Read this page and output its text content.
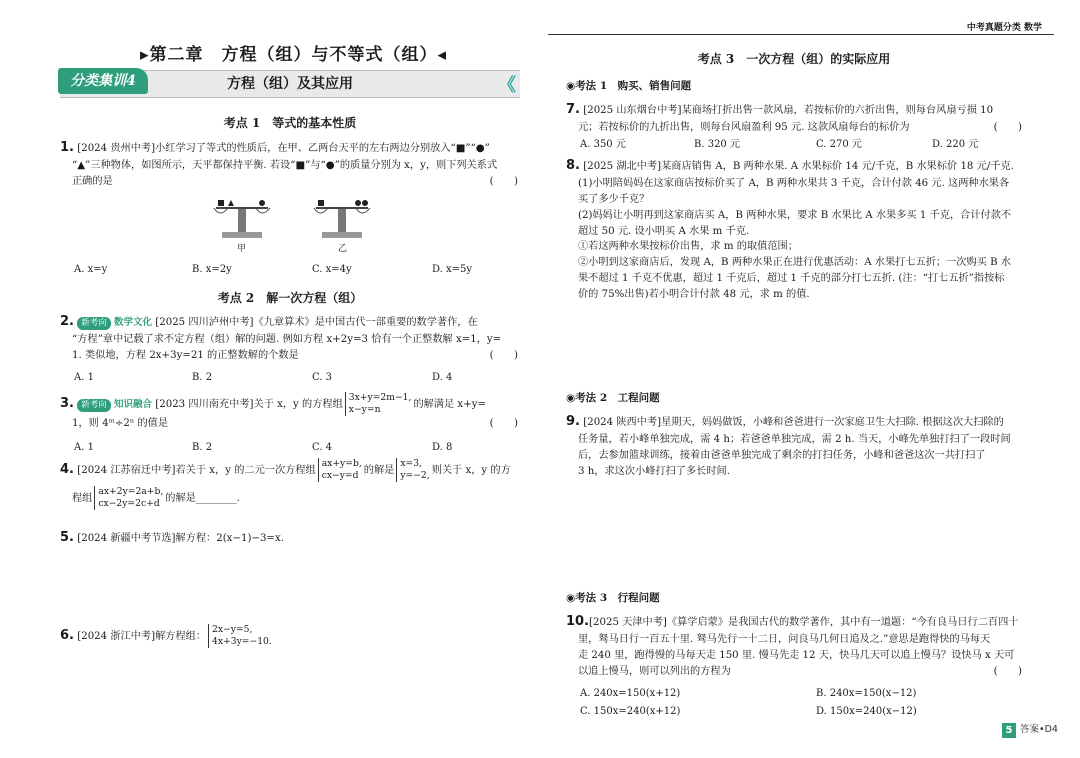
中考真题分类 数学
▸第二章　方程（组）与不等式（组）◂
分类集训4	方程（组）及其应用	《
考点 1　等式的基本性质
1. [2024 贵州中考]小红学习了等式的性质后，在甲、乙两台天平的左右两边分别放入“■”“●”
“▲”三种物体，如图所示，天平都保持平衡. 若设“■”与“●”的质量分别为 x，y，则下列关系式
正确的是	(　　)
甲	乙
A. x=y	B. x=2y	C. x=4y	D. x=5y
考点 2　解一次方程（组）
2. 新考向 数学文化 [2025 四川泸州中考]《九章算术》是中国古代一部重要的数学著作，在
“方程”章中记载了求不定方程（组）解的问题. 例如方程 x+2y=3 恰有一个正整数解 x=1，y=
1. 类似地，方程 2x+3y=21 的正整数解的个数是	(　　)
A. 1	B. 2	C. 3	D. 4
3. 新考向 知识融合 [2023 四川南充中考]关于 x，y 的方程组
3x+y=2m−1,
x−y=n	的解满足 x+y=
1，则 4ᵐ÷2ⁿ 的值是	(　　)
A. 1	B. 2	C. 4	D. 8
4. [2024 江苏宿迁中考]若关于 x，y 的二元一次方程组
ax+y=b,
cx−y=d 的解是
x=3,
y=−2, 则关于 x，y 的方
程组
ax+2y=2a+b,
cx−2y=2c+d 的解是________.
5. [2024 新疆中考节选]解方程：2(x−1)−3=x.
6. [2024 浙江中考]解方程组：
2x−y=5,
4x+3y=−10.
考点 3　一次方程（组）的实际应用
◉考法 1　购买、销售问题
7. [2025 山东烟台中考]某商场打折出售一款风扇，若按标价的六折出售，则每台风扇亏损 10
元；若按标价的九折出售，则每台风扇盈利 95 元. 这款风扇每台的标价为	(　　)
A. 350 元	B. 320 元	C. 270 元	D. 220 元
8. [2025 湖北中考]某商店销售 A，B 两种水果. A 水果标价 14 元/千克，B 水果标价 18 元/千克.
(1)小明陪妈妈在这家商店按标价买了 A，B 两种水果共 3 千克，合计付款 46 元. 这两种水果各
买了多少千克？
(2)妈妈让小明再到这家商店买 A，B 两种水果，要求 B 水果比 A 水果多买 1 千克，合计付款不
超过 50 元. 设小明买 A 水果 m 千克.
①若这两种水果按标价出售，求 m 的取值范围；
②小明到这家商店后，发现 A，B 两种水果正在进行优惠活动：A 水果打七五折；一次购买 B 水
果不超过 1 千克不优惠，超过 1 千克后，超过 1 千克的部分打七五折. (注：“打七五折”指按标
价的 75%出售)若小明合计付款 48 元，求 m 的值.
◉考法 2　工程问题
9. [2024 陕西中考]星期天，妈妈做饭，小峰和爸爸进行一次家庭卫生大扫除. 根据这次大扫除的
任务量，若小峰单独完成，需 4 h；若爸爸单独完成，需 2 h. 当天，小峰先单独打扫了一段时间
后，去参加篮球训练，接着由爸爸单独完成了剩余的打扫任务，小峰和爸爸这次一共打扫了
3 h，求这次小峰打扫了多长时间.
◉考法 3　行程问题
10.[2025 天津中考]《算学启蒙》是我国古代的数学著作，其中有一道题：“今有良马日行二百四十
里，驽马日行一百五十里. 驽马先行一十二日，问良马几何日追及之.”意思是跑得快的马每天
走 240 里，跑得慢的马每天走 150 里. 慢马先走 12 天，快马几天可以追上慢马？设快马 x 天可
以追上慢马，则可以列出的方程为	(　　)
A. 240x=150(x+12)	B. 240x=150(x−12)
C. 150x=240(x+12)	D. 150x=240(x−12)
5 答案•D4
